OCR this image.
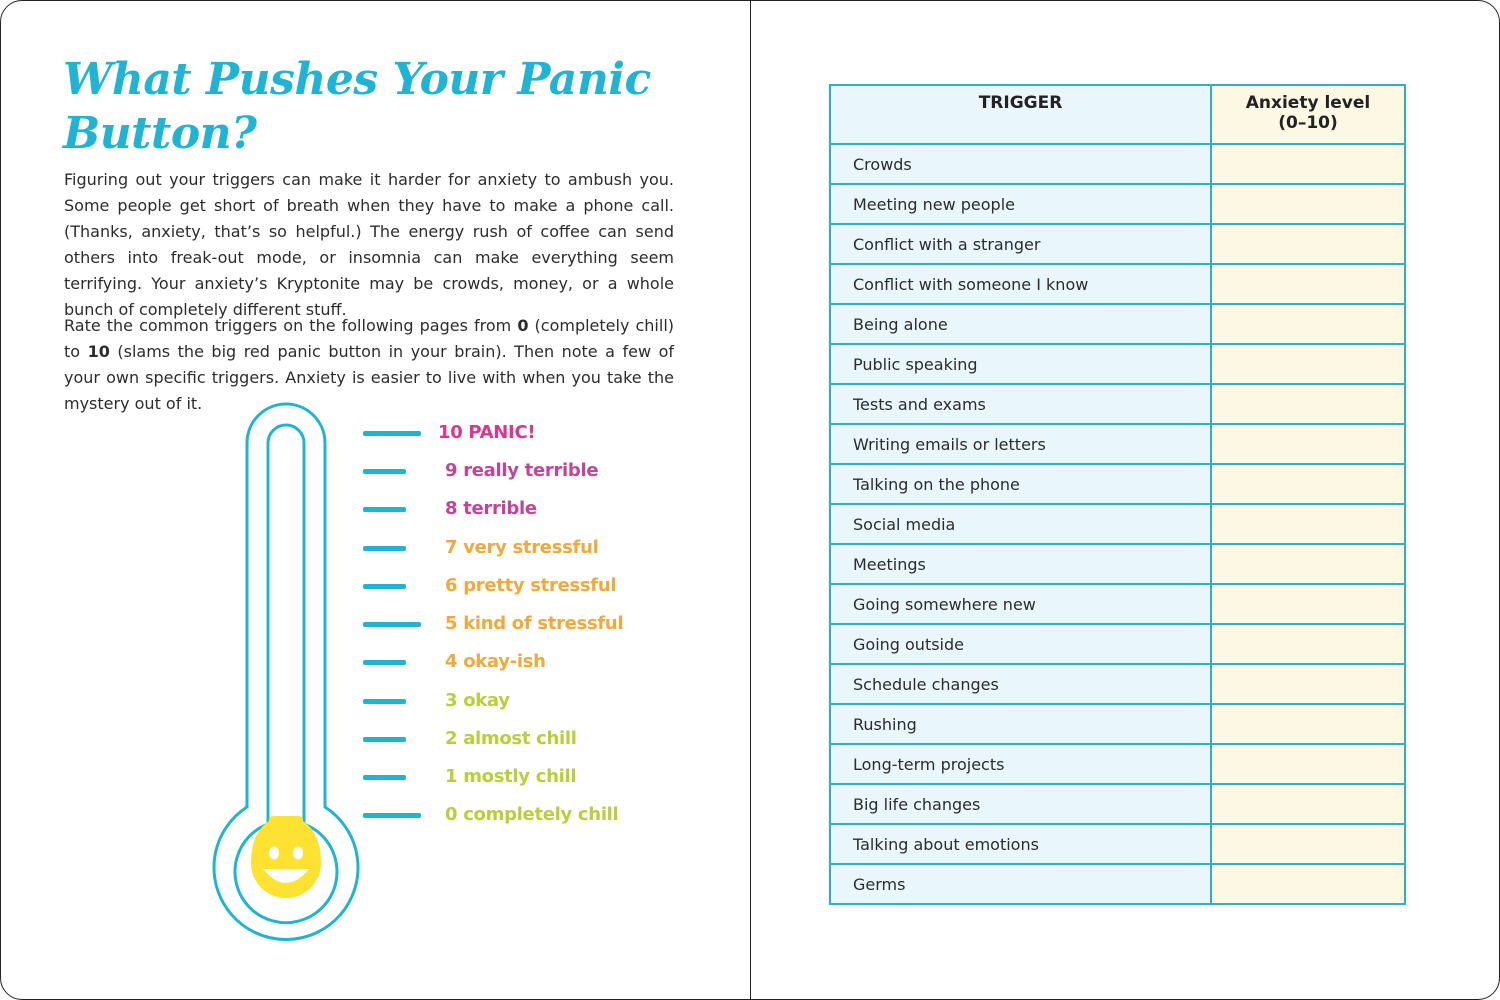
What Pushes Your Panic Button?

Figuring out your triggers can make it harder for anxiety to ambush you. Some people get short of breath when they have to make a phone call. (Thanks, anxiety, that’s so helpful.) The energy rush of coffee can send others into freak-out mode, or insomnia can make everything seem terrifying. Your anxiety’s Kryptonite may be crowds, money, or a whole bunch of completely different stuff.

Rate the common triggers on the following pages from 0 (completely chill) to 10 (slams the big red panic button in your brain). Then note a few of your own specific triggers. Anxiety is easier to live with when you take the mystery out of it.

10 PANIC!
9 really terrible
8 terrible
7 very stressful
6 pretty stressful
5 kind of stressful
4 okay-ish
3 okay
2 almost chill
1 mostly chill
0 completely chill
TRIGGER	Anxiety level
(0–10)
Crowds	
Meeting new people	
Conflict with a stranger	
Conflict with someone I know	
Being alone	
Public speaking	
Tests and exams	
Writing emails or letters	
Talking on the phone	
Social media	
Meetings	
Going somewhere new	
Going outside	
Schedule changes	
Rushing	
Long-term projects	
Big life changes	
Talking about emotions	
Germs	
